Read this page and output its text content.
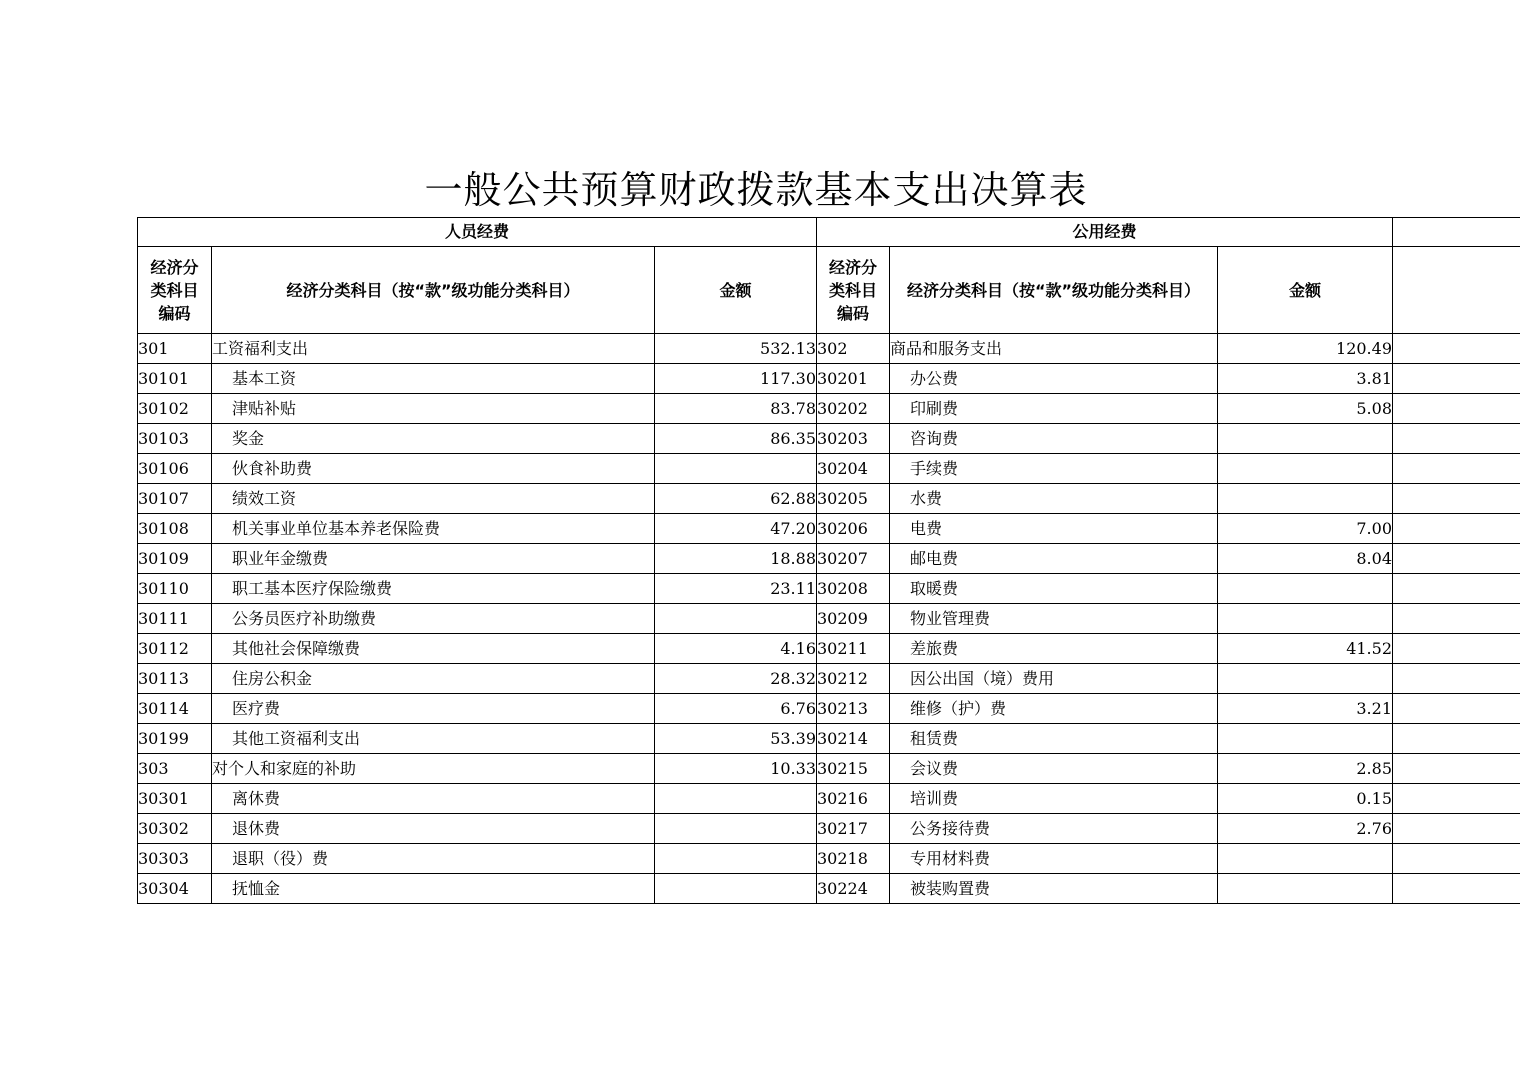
一般公共预算财政拨款基本支出决算表
人员经费			公用经费			
经济分类科目编码	经济分类科目（按“款”级功能分类科目）	金额	经济分类科目编码	经济分类科目（按“款”级功能分类科目）	金额	
301	工资福利支出	532.13	302	商品和服务支出	120.49	
30101	基本工资	117.30	30201	办公费	3.81	
30102	津贴补贴	83.78	30202	印刷费	5.08	
30103	奖金	86.35	30203	咨询费		
30106	伙食补助费		30204	手续费		
30107	绩效工资	62.88	30205	水费		
30108	机关事业单位基本养老保险费	47.20	30206	电费	7.00	
30109	职业年金缴费	18.88	30207	邮电费	8.04	
30110	职工基本医疗保险缴费	23.11	30208	取暖费		
30111	公务员医疗补助缴费		30209	物业管理费		
30112	其他社会保障缴费	4.16	30211	差旅费	41.52	
30113	住房公积金	28.32	30212	因公出国（境）费用		
30114	医疗费	6.76	30213	维修（护）费	3.21	
30199	其他工资福利支出	53.39	30214	租赁费		
303	对个人和家庭的补助	10.33	30215	会议费	2.85	
30301	离休费		30216	培训费	0.15	
30302	退休费		30217	公务接待费	2.76	
30303	退职（役）费		30218	专用材料费		
30304	抚恤金		30224	被装购置费		
